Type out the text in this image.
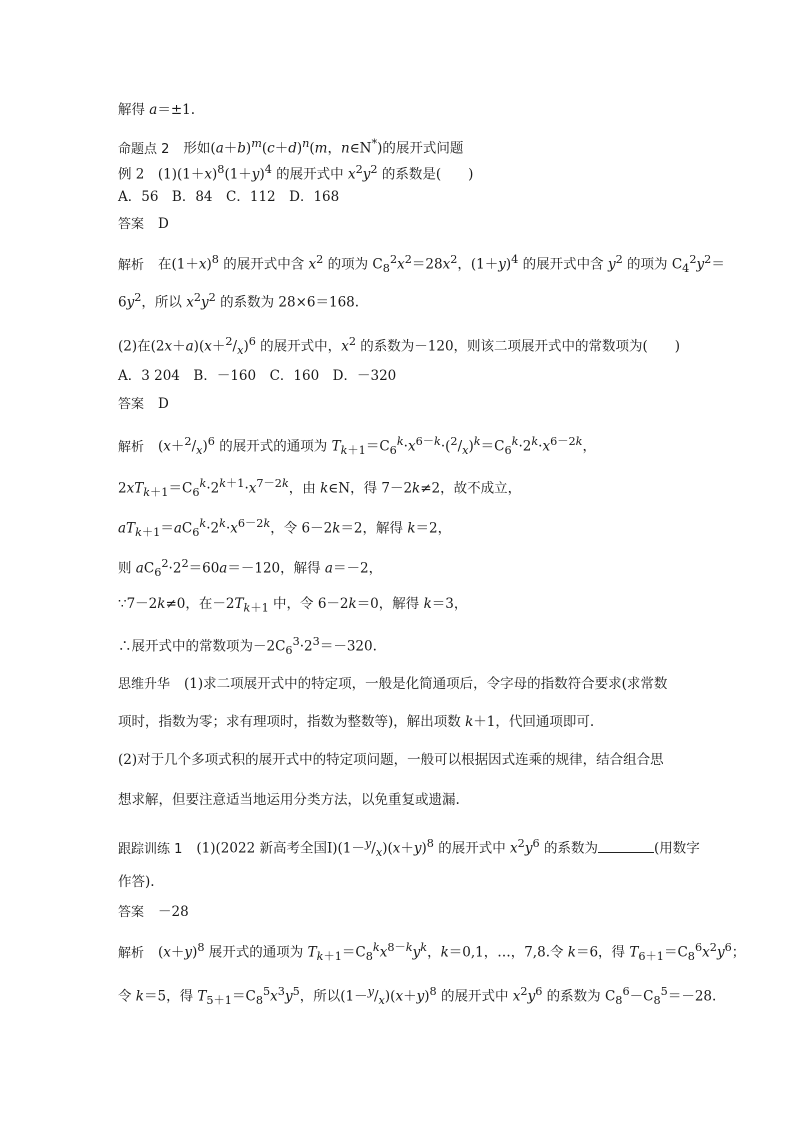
解得 a＝±1.
命题点 2 形如$(a+b)^m(c+d)^n(m$，n∈N*)的展开式问题
例 2　$(1)(1+x)^8(1+y)^4$ 的展开式中 $x^2y^2$ 的系数是(　　)
A．56　B．84　C．112　D．168
答案 D
解析 在$(1+x)^8$ 的展开式中含 $x^2$ 的项为 $C_8^2x^2=28x^2$，$(1+y)^4$ 的展开式中含 $y^2$ 的项为 $C_4^2y^2=$
$6y^2$，所以 $x^2y^2$ 的系数为 28×6＝168.
(2)在$(2x+a)(x+^2/_x)^6$ 的展开式中，$x^2$ 的系数为－120，则该二项展开式中的常数项为(　　)
A．3 204　B．－160　C．160　D．－320
答案 D
解析 $(x+^2/_x)^6$ 的展开式的通项为 $T_{k+1}=C_6^k\cdot x^{6-k}\cdot(^2/_x)^k=C_6^k\cdot 2^k\cdot x^{6-2k}$，
$2xT_{k+1}=C_6^k\cdot 2^{k+1}\cdot x^{7-2k}$，由 k∈N，得 7－2k≠2，故不成立，
$aT_{k+1}=aC_6^k\cdot 2^k\cdot x^{6-2k}$，令 6－2k＝2，解得 k＝2，
则 $aC_6^2\cdot 2^2=60a=-120$，解得 a＝－2，
∵7－2k≠0，在$-2T_{k+1}$ 中，令 6－2k＝0，解得 k＝3，
∴展开式中的常数项为$-2C_6^3\cdot 2^3=-320$.
思维升华 (1)求二项展开式中的特定项，一般是化简通项后，令字母的指数符合要求(求常数
项时，指数为零；求有理项时，指数为整数等)，解出项数 k＋1，代回通项即可.
(2)对于几个多项式积的展开式中的特定项问题，一般可以根据因式连乘的规律，结合组合思
想求解，但要注意适当地运用分类方法，以免重复或遗漏.
跟踪训练 1 (1)(2022 新高考全国$Ⅰ)(1-^y/_x)(x+y)^8$ 的展开式中 $x^2y^6$ 的系数为	(用数字
作答).
答案 －28
解析 $(x+y)^8$ 展开式的通项为 $T_{k+1}=C_8^kx^{8-k}y^k$，k＝0,1，…，7,8.令 k＝6，得 $T_{6+1}=C_8^6x^2y^6$；
令 k＝5，得 $T_{5+1}=C_8^5x^3y^5$，所以$(1-^y/_x)(x+y)^8$ 的展开式中 $x^2y^6$ 的系数为 $C_8^6-C_8^5=-28$.
